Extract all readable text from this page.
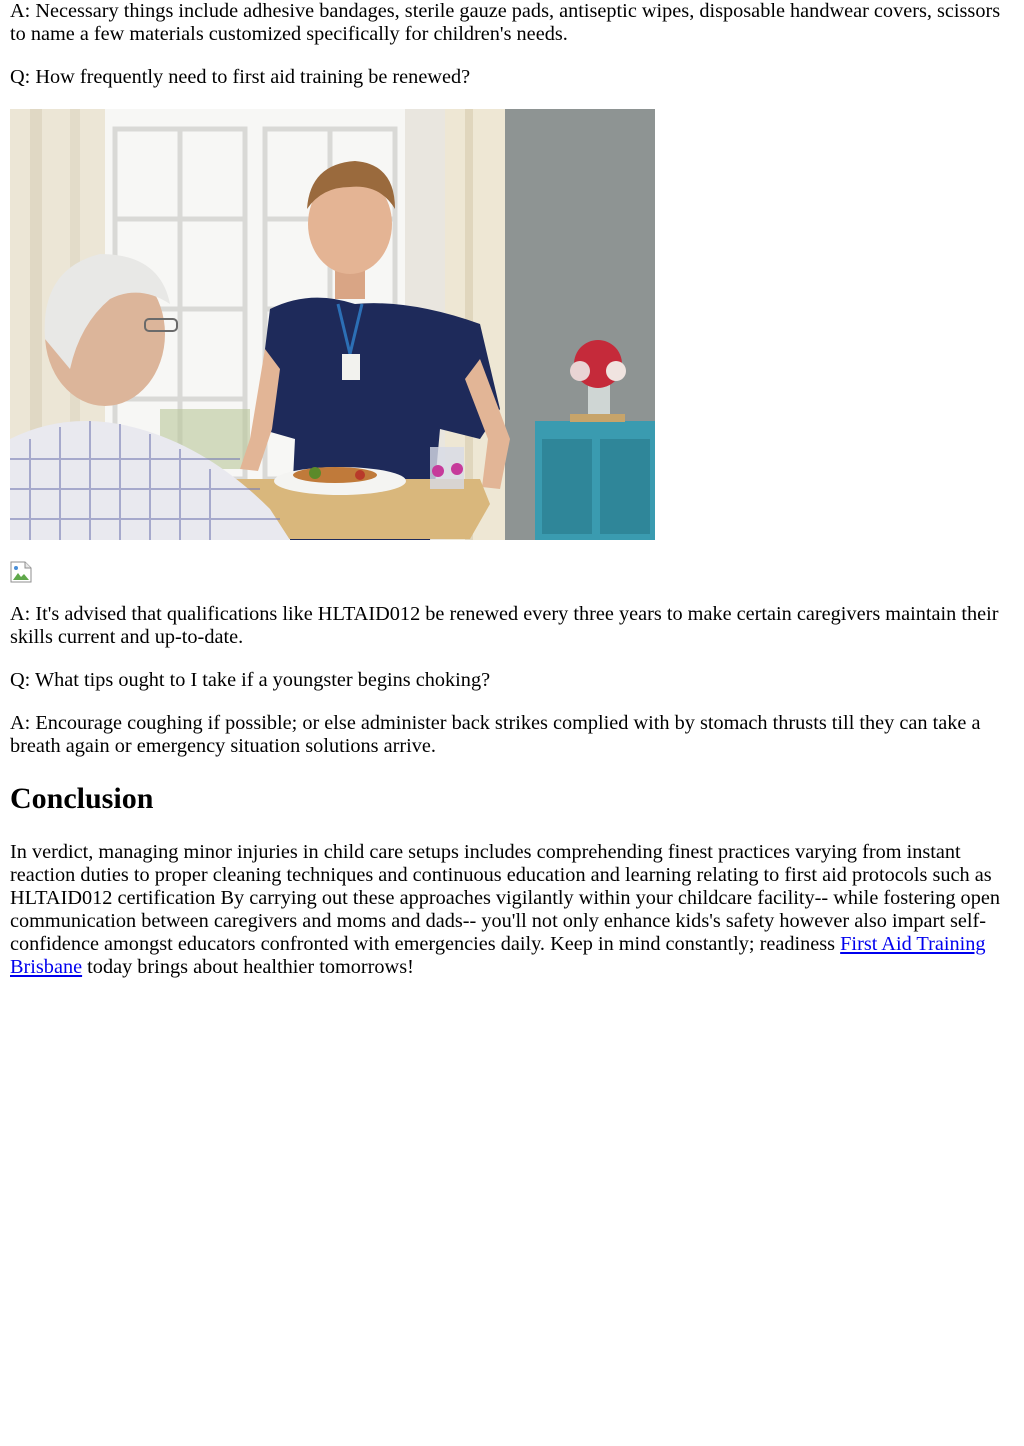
A: Necessary things include adhesive bandages, sterile gauze pads, antiseptic wipes, disposable handwear covers, scissors to name a few materials customized specifically for children's needs.

Q: How frequently need to first aid training be renewed?

A: It's advised that qualifications like HLTAID012 be renewed every three years to make certain caregivers maintain their skills current and up-to-date.

Q: What tips ought to I take if a youngster begins choking?

A: Encourage coughing if possible; or else administer back strikes complied with by stomach thrusts till they can take a breath again or emergency situation solutions arrive.

Conclusion

In verdict, managing minor injuries in child care setups includes comprehending finest practices varying from instant reaction duties to proper cleaning techniques and continuous education and learning relating to first aid protocols such as HLTAID012 certification By carrying out these approaches vigilantly within your childcare facility-- while fostering open communication between caregivers and moms and dads-- you'll not only enhance kids's safety however also impart self-confidence amongst educators confronted with emergencies daily. Keep in mind constantly; readiness First Aid Training Brisbane today brings about healthier tomorrows!
